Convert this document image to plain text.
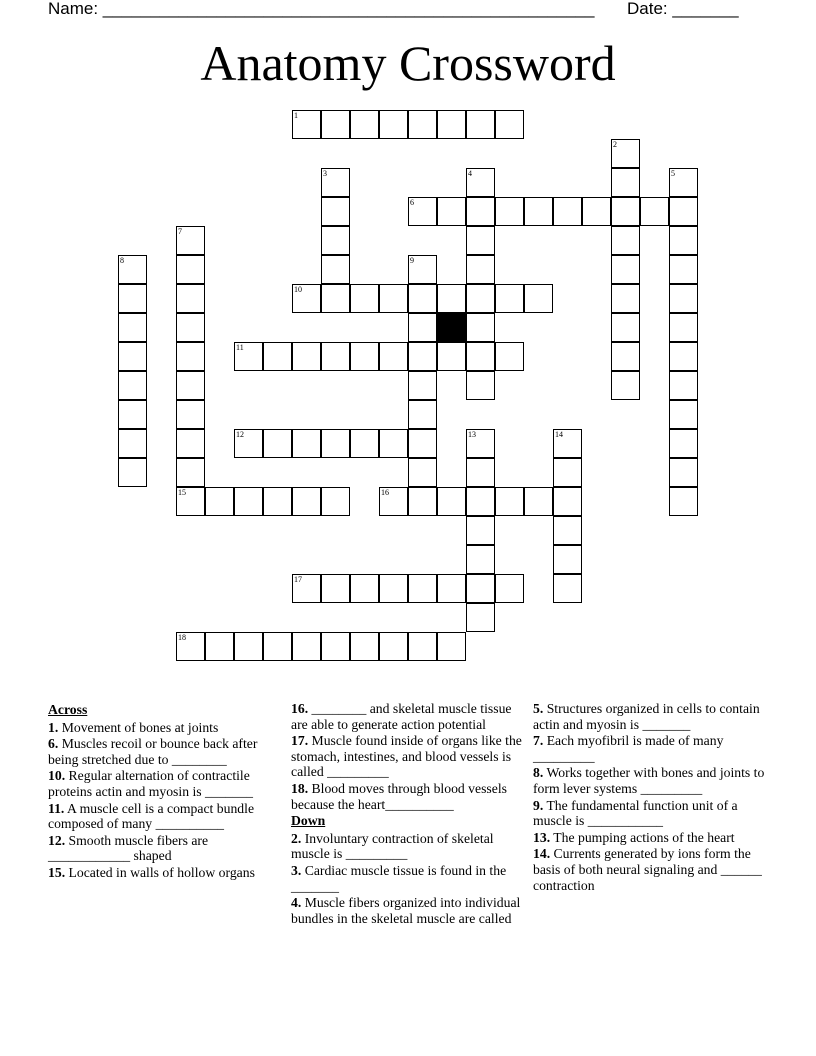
Name: ____________________________________________________ Date: _______
Anatomy Crossword
1
2
3	4	5
6
7
8	9
10
11
12	13	14
15	16
17
18
Across
1. Movement of bones at joints
6. Muscles recoil or bounce back after being stretched due to ________
10. Regular alternation of contractile proteins actin and myosin is _______
11. A muscle cell is a compact bundle composed of many __________
12. Smooth muscle fibers are ____________ shaped
15. Located in walls of hollow organs
16. ________ and skeletal muscle tissue are able to generate action potential
17. Muscle found inside of organs like the stomach, intestines, and blood vessels is called _________
18. Blood moves through blood vessels because the heart__________
Down
2. Involuntary contraction of skeletal muscle is _________
3. Cardiac muscle tissue is found in the _______
4. Muscle fibers organized into individual bundles in the skeletal muscle are called
5. Structures organized in cells to contain actin and myosin is _______
7. Each myofibril is made of many _________
8. Works together with bones and joints to form lever systems _________
9. The fundamental function unit of a muscle is ___________
13. The pumping actions of the heart
14. Currents generated by ions form the basis of both neural signaling and ______ contraction
